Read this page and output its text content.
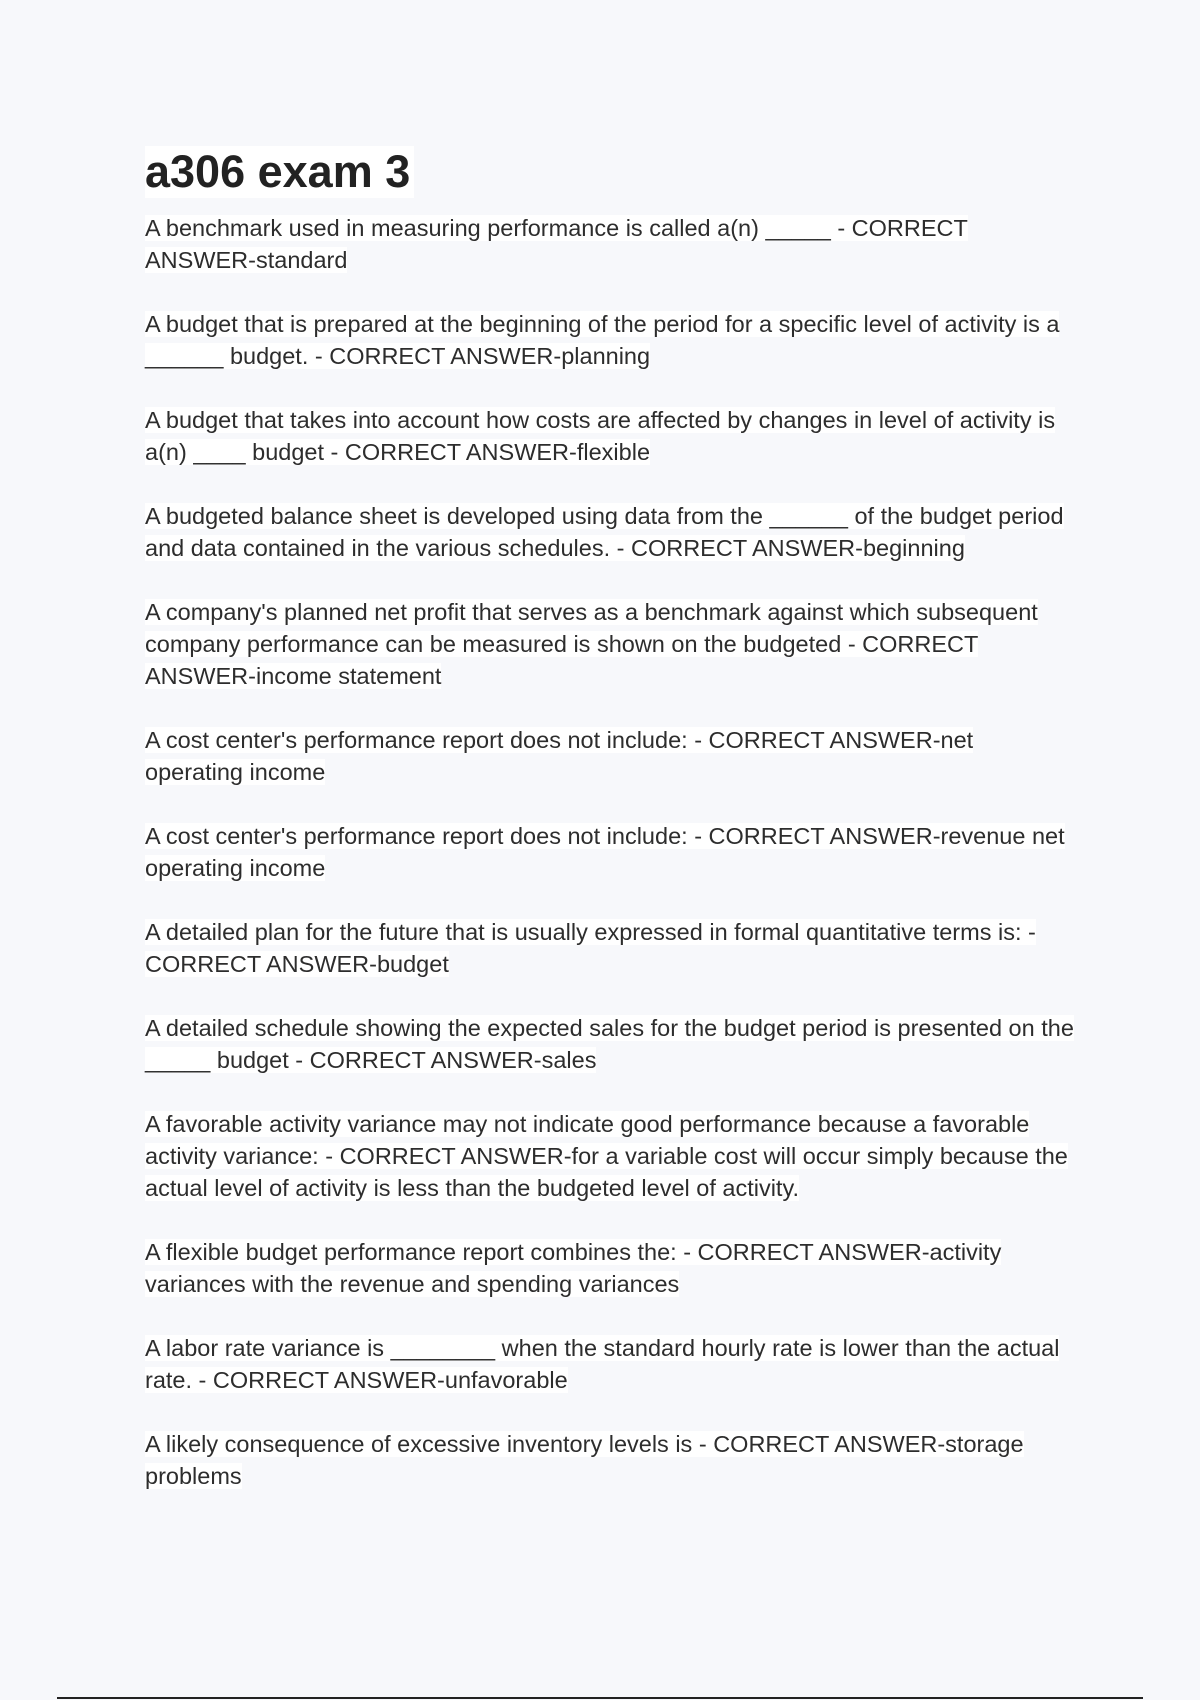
a306 exam 3

A benchmark used in measuring performance is called a(n) _____ - CORRECT ANSWER-standard

A budget that is prepared at the beginning of the period for a specific level of activity is a ______ budget. - CORRECT ANSWER-planning

A budget that takes into account how costs are affected by changes in level of activity is a(n) ____ budget - CORRECT ANSWER-flexible

A budgeted balance sheet is developed using data from the ______ of the budget period and data contained in the various schedules. - CORRECT ANSWER-beginning

A company's planned net profit that serves as a benchmark against which subsequent company performance can be measured is shown on the budgeted - CORRECT ANSWER-income statement

A cost center's performance report does not include: - CORRECT ANSWER-net operating income

A cost center's performance report does not include: - CORRECT ANSWER-revenue net operating income

A detailed plan for the future that is usually expressed in formal quantitative terms is: - CORRECT ANSWER-budget

A detailed schedule showing the expected sales for the budget period is presented on the _____ budget - CORRECT ANSWER-sales

A favorable activity variance may not indicate good performance because a favorable activity variance: - CORRECT ANSWER-for a variable cost will occur simply because the actual level of activity is less than the budgeted level of activity.

A flexible budget performance report combines the: - CORRECT ANSWER-activity variances with the revenue and spending variances

A labor rate variance is ________ when the standard hourly rate is lower than the actual rate. - CORRECT ANSWER-unfavorable

A likely consequence of excessive inventory levels is - CORRECT ANSWER-storage problems
